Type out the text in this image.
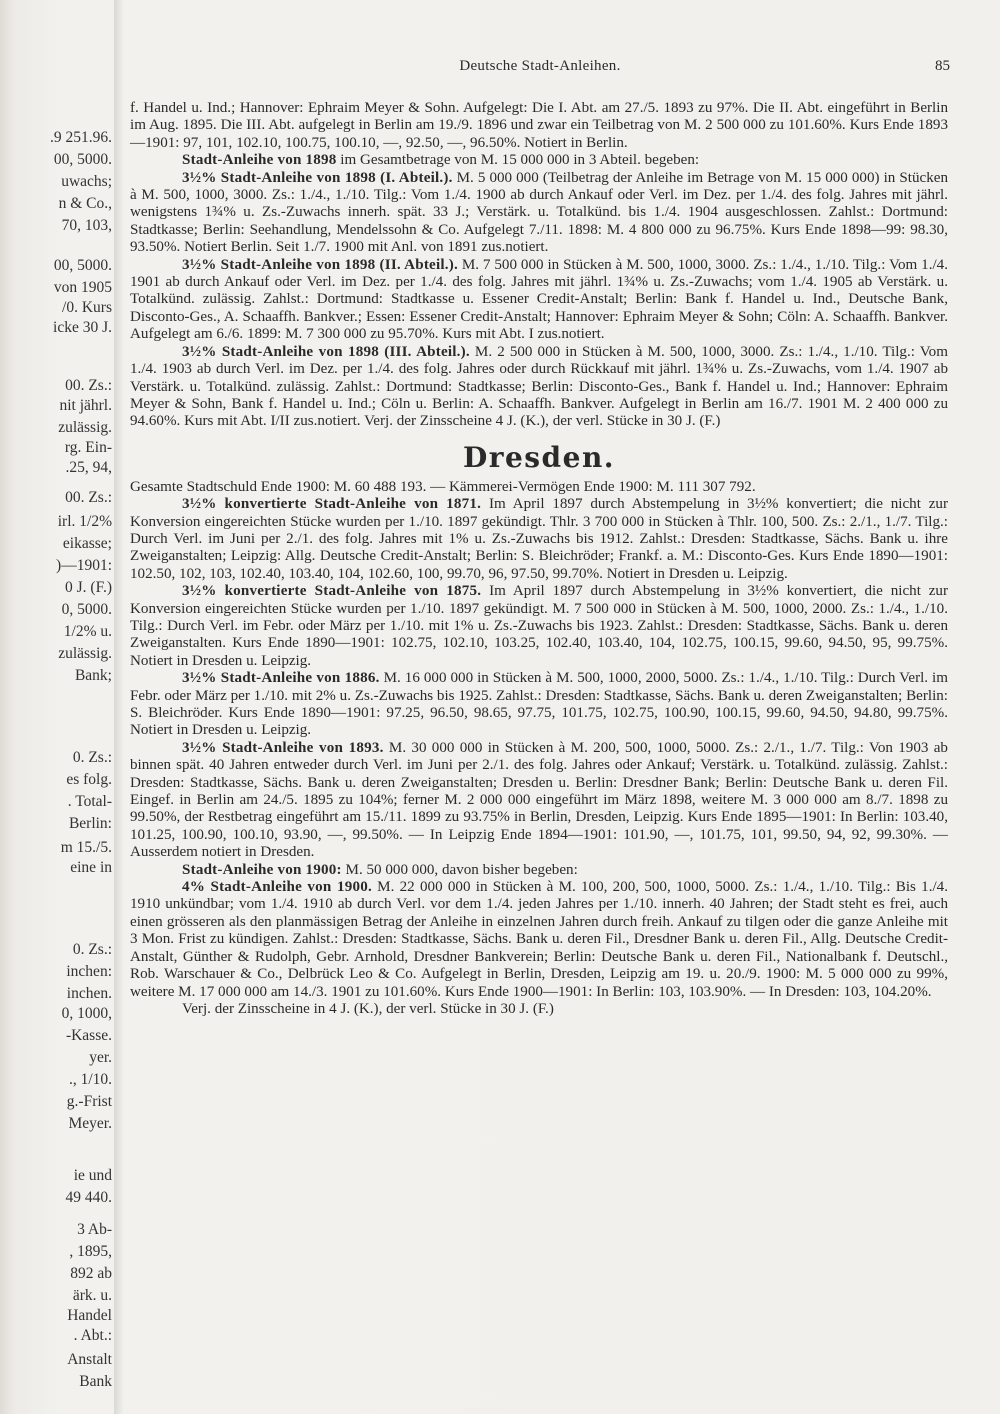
.9 251.96.
00, 5000.
uwachs;
n & Co.,
70, 103,
00, 5000.
von 1905
/0. Kurs
icke 30 J.
00. Zs.:
nit jährl.
zulässig.
rg. Ein-
.25, 94,
00. Zs.:
irl. 1/2%
eikasse;
)—1901:
0 J. (F.)
0, 5000.
1/2% u.
zulässig.
Bank;
0. Zs.:
es folg.
. Total-
Berlin:
m 15./5.
eine in
0. Zs.:
inchen:
inchen.
0, 1000,
-Kasse.
yer.
., 1/10.
g.-Frist
Meyer.
ie und
49 440.
3 Ab-
, 1895,
892 ab
ärk. u.
Handel
. Abt.:
Anstalt
Bank
Deutsche Stadt-Anleihen.	85

f. Handel u. Ind.; Hannover: Ephraim Meyer & Sohn. Aufgelegt: Die I. Abt. am 27./5. 1893 zu 97%. Die II. Abt. eingeführt in Berlin im Aug. 1895. Die III. Abt. aufgelegt in Berlin am 19./9. 1896 und zwar ein Teilbetrag von M. 2 500 000 zu 101.60%. Kurs Ende 1893—1901: 97, 101, 102.10, 100.75, 100.10, —, 92.50, —, 96.50%. Notiert in Berlin.

Stadt-Anleihe von 1898 im Gesamtbetrage von M. 15 000 000 in 3 Abteil. begeben:

3½% Stadt-Anleihe von 1898 (I. Abteil.). M. 5 000 000 (Teilbetrag der Anleihe im Betrage von M. 15 000 000) in Stücken à M. 500, 1000, 3000. Zs.: 1./4., 1./10. Tilg.: Vom 1./4. 1900 ab durch Ankauf oder Verl. im Dez. per 1./4. des folg. Jahres mit jährl. wenigstens 1¾% u. Zs.-Zuwachs innerh. spät. 33 J.; Verstärk. u. Totalkünd. bis 1./4. 1904 ausgeschlossen. Zahlst.: Dortmund: Stadtkasse; Berlin: Seehandlung, Mendelssohn & Co. Aufgelegt 7./11. 1898: M. 4 800 000 zu 96.75%. Kurs Ende 1898—99: 98.30, 93.50%. Notiert Berlin. Seit 1./7. 1900 mit Anl. von 1891 zus.notiert.

3½% Stadt-Anleihe von 1898 (II. Abteil.). M. 7 500 000 in Stücken à M. 500, 1000, 3000. Zs.: 1./4., 1./10. Tilg.: Vom 1./4. 1901 ab durch Ankauf oder Verl. im Dez. per 1./4. des folg. Jahres mit jährl. 1¾% u. Zs.-Zuwachs; vom 1./4. 1905 ab Verstärk. u. Totalkünd. zulässig. Zahlst.: Dortmund: Stadtkasse u. Essener Credit-Anstalt; Berlin: Bank f. Handel u. Ind., Deutsche Bank, Disconto-Ges., A. Schaaffh. Bankver.; Essen: Essener Credit-Anstalt; Hannover: Ephraim Meyer & Sohn; Cöln: A. Schaaffh. Bankver. Aufgelegt am 6./6. 1899: M. 7 300 000 zu 95.70%. Kurs mit Abt. I zus.notiert.

3½% Stadt-Anleihe von 1898 (III. Abteil.). M. 2 500 000 in Stücken à M. 500, 1000, 3000. Zs.: 1./4., 1./10. Tilg.: Vom 1./4. 1903 ab durch Verl. im Dez. per 1./4. des folg. Jahres oder durch Rückkauf mit jährl. 1¾% u. Zs.-Zuwachs, vom 1./4. 1907 ab Verstärk. u. Totalkünd. zulässig. Zahlst.: Dortmund: Stadtkasse; Berlin: Disconto-Ges., Bank f. Handel u. Ind.; Hannover: Ephraim Meyer & Sohn, Bank f. Handel u. Ind.; Cöln u. Berlin: A. Schaaffh. Bankver. Aufgelegt in Berlin am 16./7. 1901 M. 2 400 000 zu 94.60%. Kurs mit Abt. I/II zus.notiert. Verj. der Zinsscheine 4 J. (K.), der verl. Stücke in 30 J. (F.)

Dresden.

Gesamte Stadtschuld Ende 1900: M. 60 488 193. — Kämmerei-Vermögen Ende 1900: M. 111 307 792.

3½% konvertierte Stadt-Anleihe von 1871. Im April 1897 durch Abstempelung in 3½% konvertiert; die nicht zur Konversion eingereichten Stücke wurden per 1./10. 1897 gekündigt. Thlr. 3 700 000 in Stücken à Thlr. 100, 500. Zs.: 2./1., 1./7. Tilg.: Durch Verl. im Juni per 2./1. des folg. Jahres mit 1% u. Zs.-Zuwachs bis 1912. Zahlst.: Dresden: Stadtkasse, Sächs. Bank u. ihre Zweiganstalten; Leipzig: Allg. Deutsche Credit-Anstalt; Berlin: S. Bleichröder; Frankf. a. M.: Disconto-Ges. Kurs Ende 1890—1901: 102.50, 102, 103, 102.40, 103.40, 104, 102.60, 100, 99.70, 96, 97.50, 99.70%. Notiert in Dresden u. Leipzig.

3½% konvertierte Stadt-Anleihe von 1875. Im April 1897 durch Abstempelung in 3½% konvertiert, die nicht zur Konversion eingereichten Stücke wurden per 1./10. 1897 gekündigt. M. 7 500 000 in Stücken à M. 500, 1000, 2000. Zs.: 1./4., 1./10. Tilg.: Durch Verl. im Febr. oder März per 1./10. mit 1% u. Zs.-Zuwachs bis 1923. Zahlst.: Dresden: Stadtkasse, Sächs. Bank u. deren Zweiganstalten. Kurs Ende 1890—1901: 102.75, 102.10, 103.25, 102.40, 103.40, 104, 102.75, 100.15, 99.60, 94.50, 95, 99.75%. Notiert in Dresden u. Leipzig.

3½% Stadt-Anleihe von 1886. M. 16 000 000 in Stücken à M. 500, 1000, 2000, 5000. Zs.: 1./4., 1./10. Tilg.: Durch Verl. im Febr. oder März per 1./10. mit 2% u. Zs.-Zuwachs bis 1925. Zahlst.: Dresden: Stadtkasse, Sächs. Bank u. deren Zweiganstalten; Berlin: S. Bleichröder. Kurs Ende 1890—1901: 97.25, 96.50, 98.65, 97.75, 101.75, 102.75, 100.90, 100.15, 99.60, 94.50, 94.80, 99.75%. Notiert in Dresden u. Leipzig.

3½% Stadt-Anleihe von 1893. M. 30 000 000 in Stücken à M. 200, 500, 1000, 5000. Zs.: 2./1., 1./7. Tilg.: Von 1903 ab binnen spät. 40 Jahren entweder durch Verl. im Juni per 2./1. des folg. Jahres oder Ankauf; Verstärk. u. Totalkünd. zulässig. Zahlst.: Dresden: Stadtkasse, Sächs. Bank u. deren Zweiganstalten; Dresden u. Berlin: Dresdner Bank; Berlin: Deutsche Bank u. deren Fil. Eingef. in Berlin am 24./5. 1895 zu 104%; ferner M. 2 000 000 eingeführt im März 1898, weitere M. 3 000 000 am 8./7. 1898 zu 99.50%, der Restbetrag eingeführt am 15./11. 1899 zu 93.75% in Berlin, Dresden, Leipzig. Kurs Ende 1895—1901: In Berlin: 103.40, 101.25, 100.90, 100.10, 93.90, —, 99.50%. — In Leipzig Ende 1894—1901: 101.90, —, 101.75, 101, 99.50, 94, 92, 99.30%. — Ausserdem notiert in Dresden.

Stadt-Anleihe von 1900: M. 50 000 000, davon bisher begeben:

4% Stadt-Anleihe von 1900. M. 22 000 000 in Stücken à M. 100, 200, 500, 1000, 5000. Zs.: 1./4., 1./10. Tilg.: Bis 1./4. 1910 unkündbar; vom 1./4. 1910 ab durch Verl. vor dem 1./4. jeden Jahres per 1./10. innerh. 40 Jahren; der Stadt steht es frei, auch einen grösseren als den planmässigen Betrag der Anleihe in einzelnen Jahren durch freih. Ankauf zu tilgen oder die ganze Anleihe mit 3 Mon. Frist zu kündigen. Zahlst.: Dresden: Stadtkasse, Sächs. Bank u. deren Fil., Dresdner Bank u. deren Fil., Allg. Deutsche Credit-Anstalt, Günther & Rudolph, Gebr. Arnhold, Dresdner Bankverein; Berlin: Deutsche Bank u. deren Fil., Nationalbank f. Deutschl., Rob. Warschauer & Co., Delbrück Leo & Co. Aufgelegt in Berlin, Dresden, Leipzig am 19. u. 20./9. 1900: M. 5 000 000 zu 99%, weitere M. 17 000 000 am 14./3. 1901 zu 101.60%. Kurs Ende 1900—1901: In Berlin: 103, 103.90%. — In Dresden: 103, 104.20%.

Verj. der Zinsscheine in 4 J. (K.), der verl. Stücke in 30 J. (F.)
